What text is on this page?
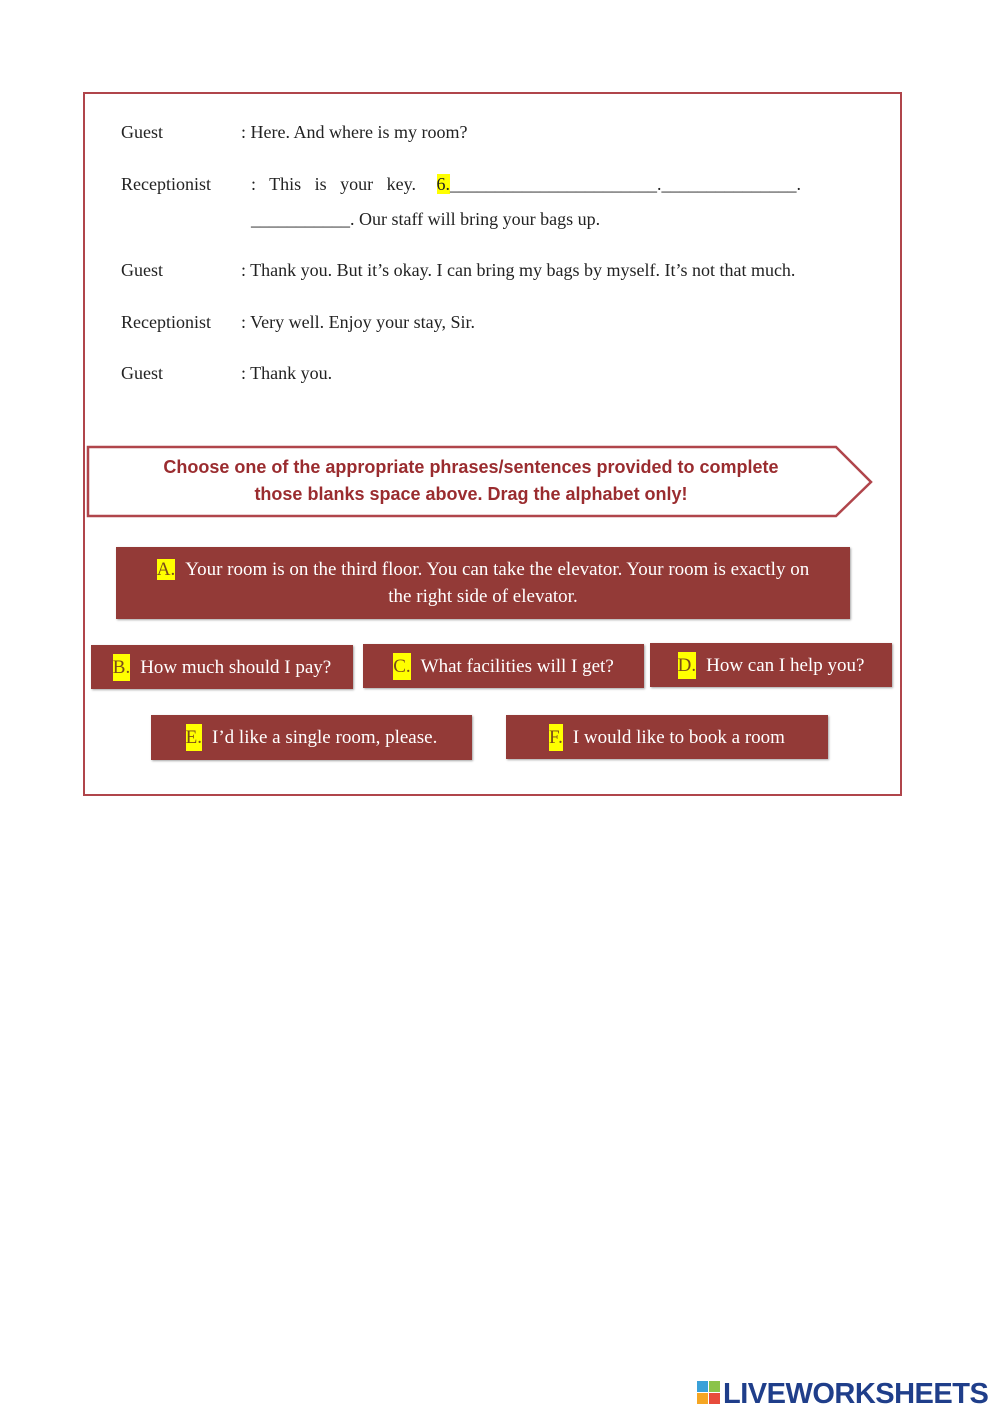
Guest	: Here. And where is my room?
Receptionist :   This   is   your   key. 6._______________________._______________.
___________. Our staff will bring your bags up.
Guest	: Thank you. But it’s okay. I can bring my bags by myself. It’s not that much.
Receptionist : Very well. Enjoy your stay, Sir.
Guest	: Thank you.
Choose one of the appropriate phrases/sentences provided to complete
those blanks space above. Drag the alphabet only!
A. Your room is on the third floor. You can take the elevator. Your room is exactly on
the right side of elevator.
B. How much should I pay?	C. What facilities will I get?	D. How can I help you?
E. I’d like a single room, please.	F. I would like to book a room
LIVEWORKSHEETS
